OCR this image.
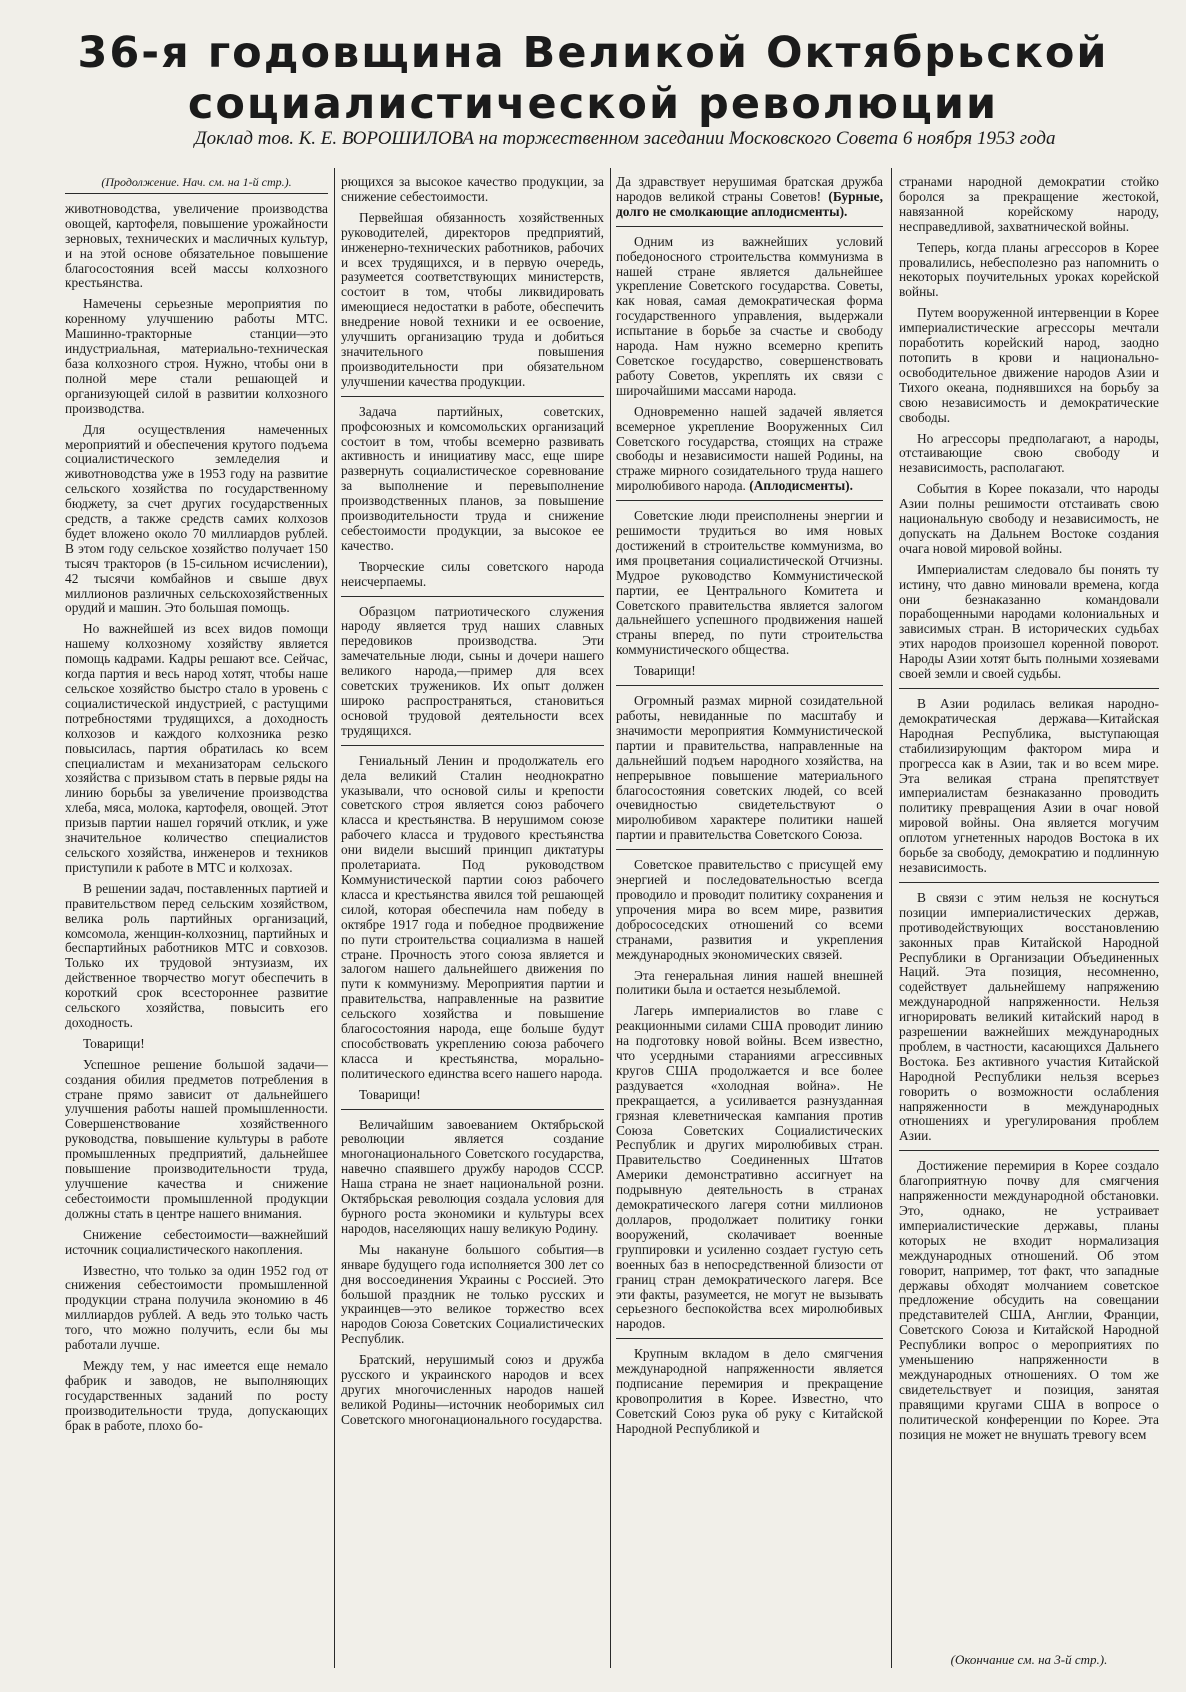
36-я годовщина Великой Октябрьской
социалистической революции

Доклад тов. К. Е. ВОРОШИЛОВА на торжественном заседании Московского Совета 6 ноября 1953 года

(Продолжение. Нач. см. на 1-й стр.).

животноводства, увеличение производства овощей, картофеля, повышение урожайности зерновых, технических и масличных культур, и на этой основе обязательное повышение благосостояния всей массы колхозного крестьянства.

Намечены серьезные мероприятия по коренному улучшению работы МТС. Машинно-тракторные станции—это индустриальная, материально-техническая база колхозного строя. Нужно, чтобы они в полной мере стали решающей и организующей силой в развитии колхозного производства.

Для осуществления намеченных мероприятий и обеспечения крутого подъема социалистического земледелия и животноводства уже в 1953 году на развитие сельского хозяйства по государственному бюджету, за счет других государственных средств, а также средств самих колхозов будет вложено около 70 миллиардов рублей. В этом году сельское хозяйство получает 150 тысяч тракторов (в 15-сильном исчислении), 42 тысячи комбайнов и свыше двух миллионов различных сельскохозяйственных орудий и машин. Это большая помощь.

Но важнейшей из всех видов помощи нашему колхозному хозяйству является помощь кадрами. Кадры решают все. Сейчас, когда партия и весь народ хотят, чтобы наше сельское хозяйство быстро стало в уровень с социалистической индустрией, с растущими потребностями трудящихся, а доходность колхозов и каждого колхозника резко повысилась, партия обратилась ко всем специалистам и механизаторам сельского хозяйства с призывом стать в первые ряды на линию борьбы за увеличение производства хлеба, мяса, молока, картофеля, овощей. Этот призыв партии нашел горячий отклик, и уже значительное количество специалистов сельского хозяйства, инженеров и техников приступили к работе в МТС и колхозах.

В решении задач, поставленных партией и правительством перед сельским хозяйством, велика роль партийных организаций, комсомола, женщин-колхозниц, партийных и беспартийных работников МТС и совхозов. Только их трудовой энтузиазм, их действенное творчество могут обеспечить в короткий срок всестороннее развитие сельского хозяйства, повысить его доходность.

Товарищи!

Успешное решение большой задачи—создания обилия предметов потребления в стране прямо зависит от дальнейшего улучшения работы нашей промышленности. Совершенствование хозяйственного руководства, повышение культуры в работе промышленных предприятий, дальнейшее повышение производительности труда, улучшение качества и снижение себестоимости промышленной продукции должны стать в центре нашего внимания.

Снижение себестоимости—важнейший источник социалистического накопления.

Известно, что только за один 1952 год от снижения себестоимости промышленной продукции страна получила экономию в 46 миллиардов рублей. А ведь это только часть того, что можно получить, если бы мы работали лучше.

Между тем, у нас имеется еще немало фабрик и заводов, не выполняющих государственных заданий по росту производительности труда, допускающих брак в работе, плохо бо-

рющихся за высокое качество продукции, за снижение себестоимости.

Первейшая обязанность хозяйственных руководителей, директоров предприятий, инженерно-технических работников, рабочих и всех трудящихся, и в первую очередь, разумеется соответствующих министерств, состоит в том, чтобы ликвидировать имеющиеся недостатки в работе, обеспечить внедрение новой техники и ее освоение, улучшить организацию труда и добиться значительного повышения производительности при обязательном улучшении качества продукции.

Задача партийных, советских, профсоюзных и комсомольских организаций состоит в том, чтобы всемерно развивать активность и инициативу масс, еще шире развернуть социалистическое соревнование за выполнение и перевыполнение производственных планов, за повышение производительности труда и снижение себестоимости продукции, за высокое ее качество.

Творческие силы советского народа неисчерпаемы.

Образцом патриотического служения народу является труд наших славных передовиков производства. Эти замечательные люди, сыны и дочери нашего великого народа,—пример для всех советских тружеников. Их опыт должен широко распространяться, становиться основой трудовой деятельности всех трудящихся.

Гениальный Ленин и продолжатель его дела великий Сталин неоднократно указывали, что основой силы и крепости советского строя является союз рабочего класса и крестьянства. В нерушимом союзе рабочего класса и трудового крестьянства они видели высший принцип диктатуры пролетариата. Под руководством Коммунистической партии союз рабочего класса и крестьянства явился той решающей силой, которая обеспечила нам победу в октябре 1917 года и победное продвижение по пути строительства социализма в нашей стране. Прочность этого союза является и залогом нашего дальнейшего движения по пути к коммунизму. Мероприятия партии и правительства, направленные на развитие сельского хозяйства и повышение благосостояния народа, еще больше будут способствовать укреплению союза рабочего класса и крестьянства, морально-политического единства всего нашего народа.

Товарищи!

Величайшим завоеванием Октябрьской революции является создание многонационального Советского государства, навечно спаявшего дружбу народов СССР. Наша страна не знает национальной розни. Октябрьская революция создала условия для бурного роста экономики и культуры всех народов, населяющих нашу великую Родину.

Мы накануне большого события—в январе будущего года исполняется 300 лет со дня воссоединения Украины с Россией. Это большой праздник не только русских и украинцев—это великое торжество всех народов Союза Советских Социалистических Республик.

Братский, нерушимый союз и дружба русского и украинского народов и всех других многочисленных народов нашей великой Родины—источник необоримых сил Советского многонационального государства.

Да здравствует нерушимая братская дружба народов великой страны Советов! (Бурные, долго не смолкающие аплодисменты).

Одним из важнейших условий победоносного строительства коммунизма в нашей стране является дальнейшее укрепление Советского государства. Советы, как новая, самая демократическая форма государственного управления, выдержали испытание в борьбе за счастье и свободу народа. Нам нужно всемерно крепить Советское государство, совершенствовать работу Советов, укреплять их связи с широчайшими массами народа.

Одновременно нашей задачей является всемерное укрепление Вооруженных Сил Советского государства, стоящих на страже свободы и независимости нашей Родины, на страже мирного созидательного труда нашего миролюбивого народа. (Аплодисменты).

Советские люди преисполнены энергии и решимости трудиться во имя новых достижений в строительстве коммунизма, во имя процветания социалистической Отчизны. Мудрое руководство Коммунистической партии, ее Центрального Комитета и Советского правительства является залогом дальнейшего успешного продвижения нашей страны вперед, по пути строительства коммунистического общества.

Товарищи!

Огромный размах мирной созидательной работы, невиданные по масштабу и значимости мероприятия Коммунистической партии и правительства, направленные на дальнейший подъем народного хозяйства, на непрерывное повышение материального благосостояния советских людей, со всей очевидностью свидетельствуют о миролюбивом характере политики нашей партии и правительства Советского Союза.

Советское правительство с присущей ему энергией и последовательностью всегда проводило и проводит политику сохранения и упрочения мира во всем мире, развития добрососедских отношений со всеми странами, развития и укрепления международных экономических связей.

Эта генеральная линия нашей внешней политики была и остается незыблемой.

Лагерь империалистов во главе с реакционными силами США проводит линию на подготовку новой войны. Всем известно, что усердными стараниями агрессивных кругов США продолжается и все более раздувается «холодная война». Не прекращается, а усиливается разнузданная грязная клеветническая кампания против Союза Советских Социалистических Республик и других миролюбивых стран. Правительство Соединенных Штатов Америки демонстративно ассигнует на подрывную деятельность в странах демократического лагеря сотни миллионов долларов, продолжает политику гонки вооружений, сколачивает военные группировки и усиленно создает густую сеть военных баз в непосредственной близости от границ стран демократического лагеря. Все эти факты, разумеется, не могут не вызывать серьезного беспокойства всех миролюбивых народов.

Крупным вкладом в дело смягчения международной напряженности является подписание перемирия и прекращение кровопролития в Корее. Известно, что Советский Союз рука об руку с Китайской Народной Республикой и

странами народной демократии стойко боролся за прекращение жестокой, навязанной корейскому народу, несправедливой, захватнической войны.

Теперь, когда планы агрессоров в Корее провалились, небесполезно раз напомнить о некоторых поучительных уроках корейской войны.

Путем вооруженной интервенции в Корее империалистические агрессоры мечтали поработить корейский народ, заодно потопить в крови и национально-освободительное движение народов Азии и Тихого океана, поднявшихся на борьбу за свою независимость и демократические свободы.

Но агрессоры предполагают, а народы, отстаивающие свою свободу и независимость, располагают.

События в Корее показали, что народы Азии полны решимости отстаивать свою национальную свободу и независимость, не допускать на Дальнем Востоке создания очага новой мировой войны.

Империалистам следовало бы понять ту истину, что давно миновали времена, когда они безнаказанно командовали порабощенными народами колониальных и зависимых стран. В исторических судьбах этих народов произошел коренной поворот. Народы Азии хотят быть полными хозяевами своей земли и своей судьбы.

В Азии родилась великая народно-демократическая держава—Китайская Народная Республика, выступающая стабилизирующим фактором мира и прогресса как в Азии, так и во всем мире. Эта великая страна препятствует империалистам безнаказанно проводить политику превращения Азии в очаг новой мировой войны. Она является могучим оплотом угнетенных народов Востока в их борьбе за свободу, демократию и подлинную независимость.

В связи с этим нельзя не коснуться позиции империалистических держав, противодействующих восстановлению законных прав Китайской Народной Республики в Организации Объединенных Наций. Эта позиция, несомненно, содействует дальнейшему напряжению международной напряженности. Нельзя игнорировать великий китайский народ в разрешении важнейших международных проблем, в частности, касающихся Дальнего Востока. Без активного участия Китайской Народной Республики нельзя всерьез говорить о возможности ослабления напряженности в международных отношениях и урегулирования проблем Азии.

Достижение перемирия в Корее создало благоприятную почву для смягчения напряженности международной обстановки. Это, однако, не устраивает империалистические державы, планы которых не входит нормализация международных отношений. Об этом говорит, например, тот факт, что западные державы обходят молчанием советское предложение обсудить на совещании представителей США, Англии, Франции, Советского Союза и Китайской Народной Республики вопрос о мероприятиях по уменьшению напряженности в международных отношениях. О том же свидетельствует и позиция, занятая правящими кругами США в вопросе о политической конференции по Корее. Эта позиция не может не внушать тревогу всем

(Окончание см. на 3-й стр.).
